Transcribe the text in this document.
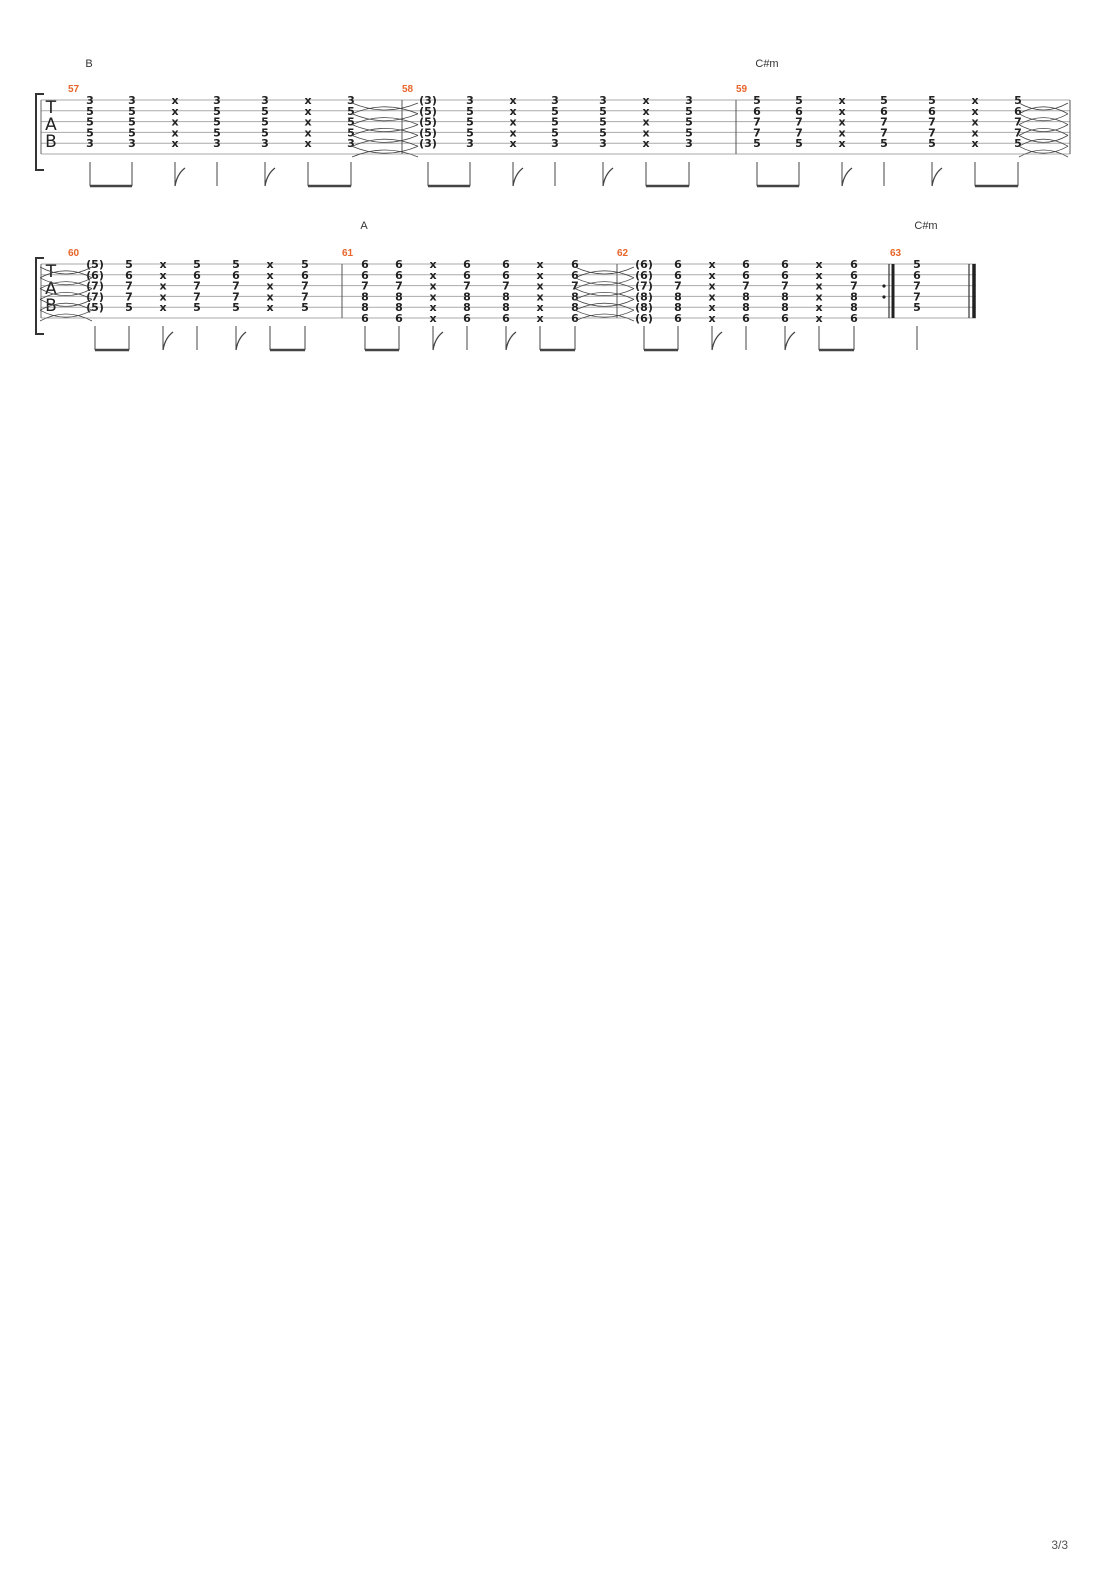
B	C#m
T
A
B
57
3
5
5
5
3
3
5
5
5
3
x
x
x
x
x
3
5
5
5
3
3
5
5
5
3
x
x
x
x
x
3
5
5
5
3
58
(3)
(5)
(5)
(5)
(3)
3
5
5
5
3
x
x
x
x
x
3
5
5
5
3
3
5
5
5
3
x
x
x
x
x
3
5
5
5
3
59
5
6
7
7
5
5
6
7
7
5
x
x
x
x
x
5
6
7
7
5
5
6
7
7
5
x
x
x
x
x
5
6
7
7
5
A	C#m
T
A
B
60
(5)
(6)
(7)
(7)
(5)
5
6
7
7
5
x
x
x
x
x
5
6
7
7
5
5
6
7
7
5
x
x
x
x
x
5
6
7
7
5
61
6
6
7
8
8
6
6
6
7
8
8
6
x
x
x
x
x
x
6
6
7
8
8
6
6
6
7
8
8
6
x
x
x
x
x
x
6
6
7
8
8
6
62
(6)
(6)
(7)
(8)
(8)
(6)
6
6
7
8
8
6
x
x
x
x
x
x
6
6
7
8
8
6
6
6
7
8
8
6
x
x
x
x
x
x
6
6
7
8
8
6
63
5
6
7
7
5
3/3
